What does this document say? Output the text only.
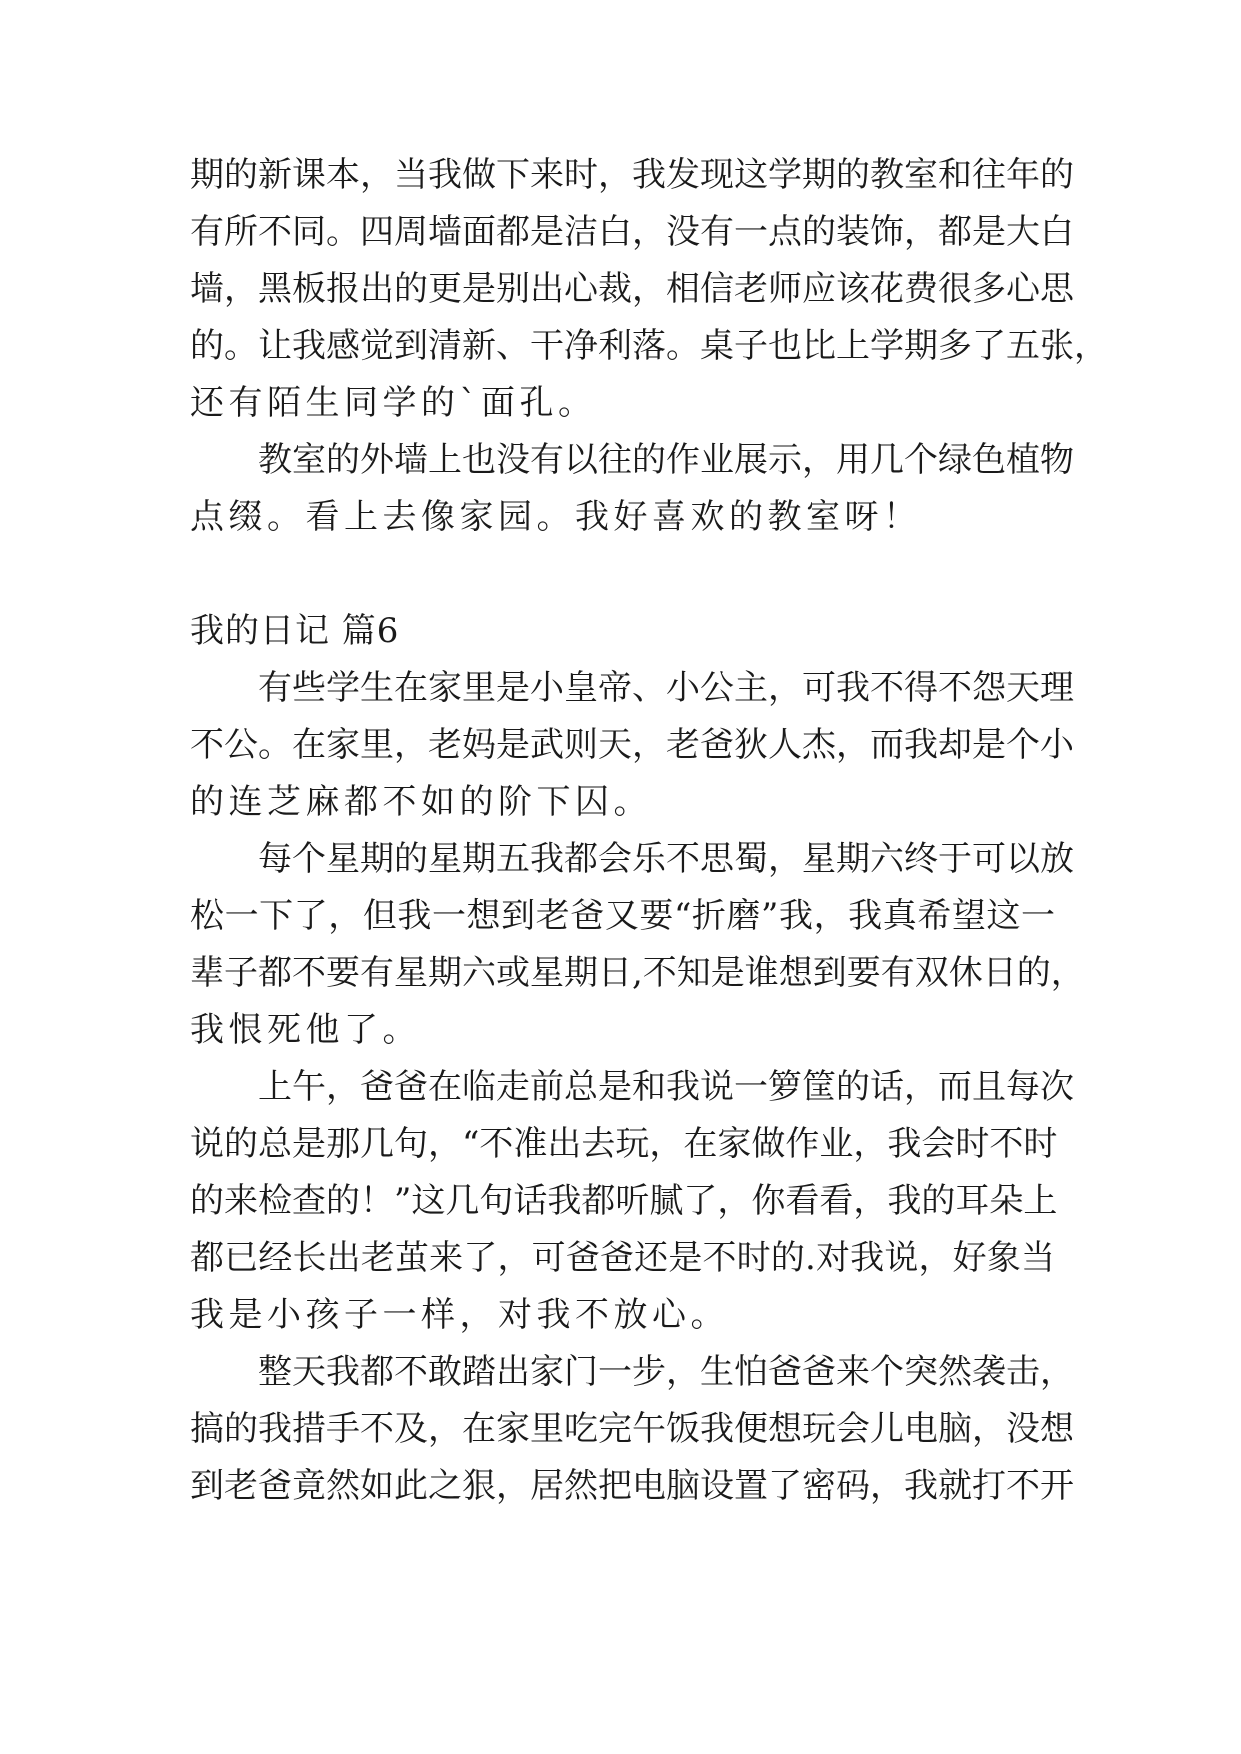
期的新课本，当我做下来时，我发现这学期的教室和往年的
有所不同。四周墙面都是洁白，没有一点的装饰，都是大白
墙，黑板报出的更是别出心裁，相信老师应该花费很多心思
的。让我感觉到清新、干净利落。桌子也比上学期多了五张，
还有陌生同学的`面孔。
教室的外墙上也没有以往的作业展示，用几个绿色植物
点缀。看上去像家园。我好喜欢的教室呀！
我的日记 篇6
有些学生在家里是小皇帝、小公主，可我不得不怨天理
不公。在家里，老妈是武则天，老爸狄人杰，而我却是个小
的连芝麻都不如的阶下囚。
每个星期的星期五我都会乐不思蜀，星期六终于可以放
松一下了，但我一想到老爸又要“折磨”我，我真希望这一
辈子都不要有星期六或星期日,不知是谁想到要有双休日的，
我恨死他了。
上午，爸爸在临走前总是和我说一箩筐的话，而且每次
说的总是那几句，“不准出去玩，在家做作业，我会时不时
的来检查的！”这几句话我都听腻了，你看看，我的耳朵上
都已经长出老茧来了，可爸爸还是不时的.对我说，好象当
我是小孩子一样，对我不放心。
整天我都不敢踏出家门一步，生怕爸爸来个突然袭击，
搞的我措手不及，在家里吃完午饭我便想玩会儿电脑，没想
到老爸竟然如此之狠，居然把电脑设置了密码，我就打不开
